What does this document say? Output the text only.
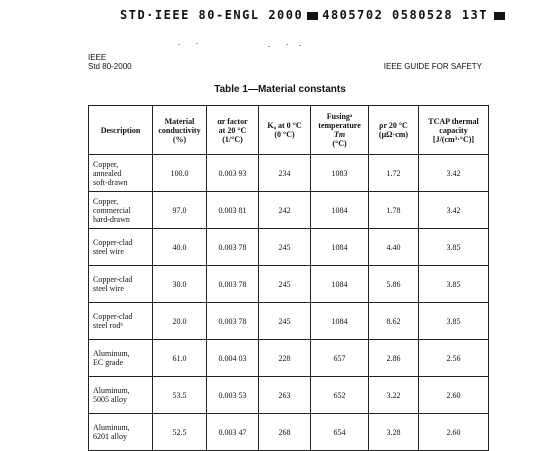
STD·IEEE 80-ENGL 2000 4805702 0580528 13T
IEEE
Std 80-2000	IEEE GUIDE FOR SAFETY
Table 1—Material constants
Description	Material
conductivity
(%)	αr factor
at 20 °C
(1/°C)	K₀ at 0 °C
(0 °C)	Fusingᵃ
temperature
Tm
(°C)	ρr 20 °C
(μΩ·cm)	TCAP thermal
capacity
[J/(cm³·°C)]
Copper,
annealed
soft-drawn	100.0	0.003 93	234	1083	1.72	3.42
Copper,
commercial
hard-drawn	97.0	0.003 81	242	1084	1.78	3.42
Copper-clad
steel wire	40.0	0.003 78	245	1084	4.40	3.85
Copper-clad
steel wire	30.0	0.003 78	245	1084	5.86	3.85
Copper-clad
steel rodᵇ	20.0	0.003 78	245	1084	8.62	3.85
Aluminum,
EC grade	61.0	0.004 03	228	657	2.86	2.56
Aluminum,
5005 alloy	53.5	0.003 53	263	652	3.22	2.60
Aluminum,
6201 alloy	52.5	0.003 47	268	654	3.28	2.60
